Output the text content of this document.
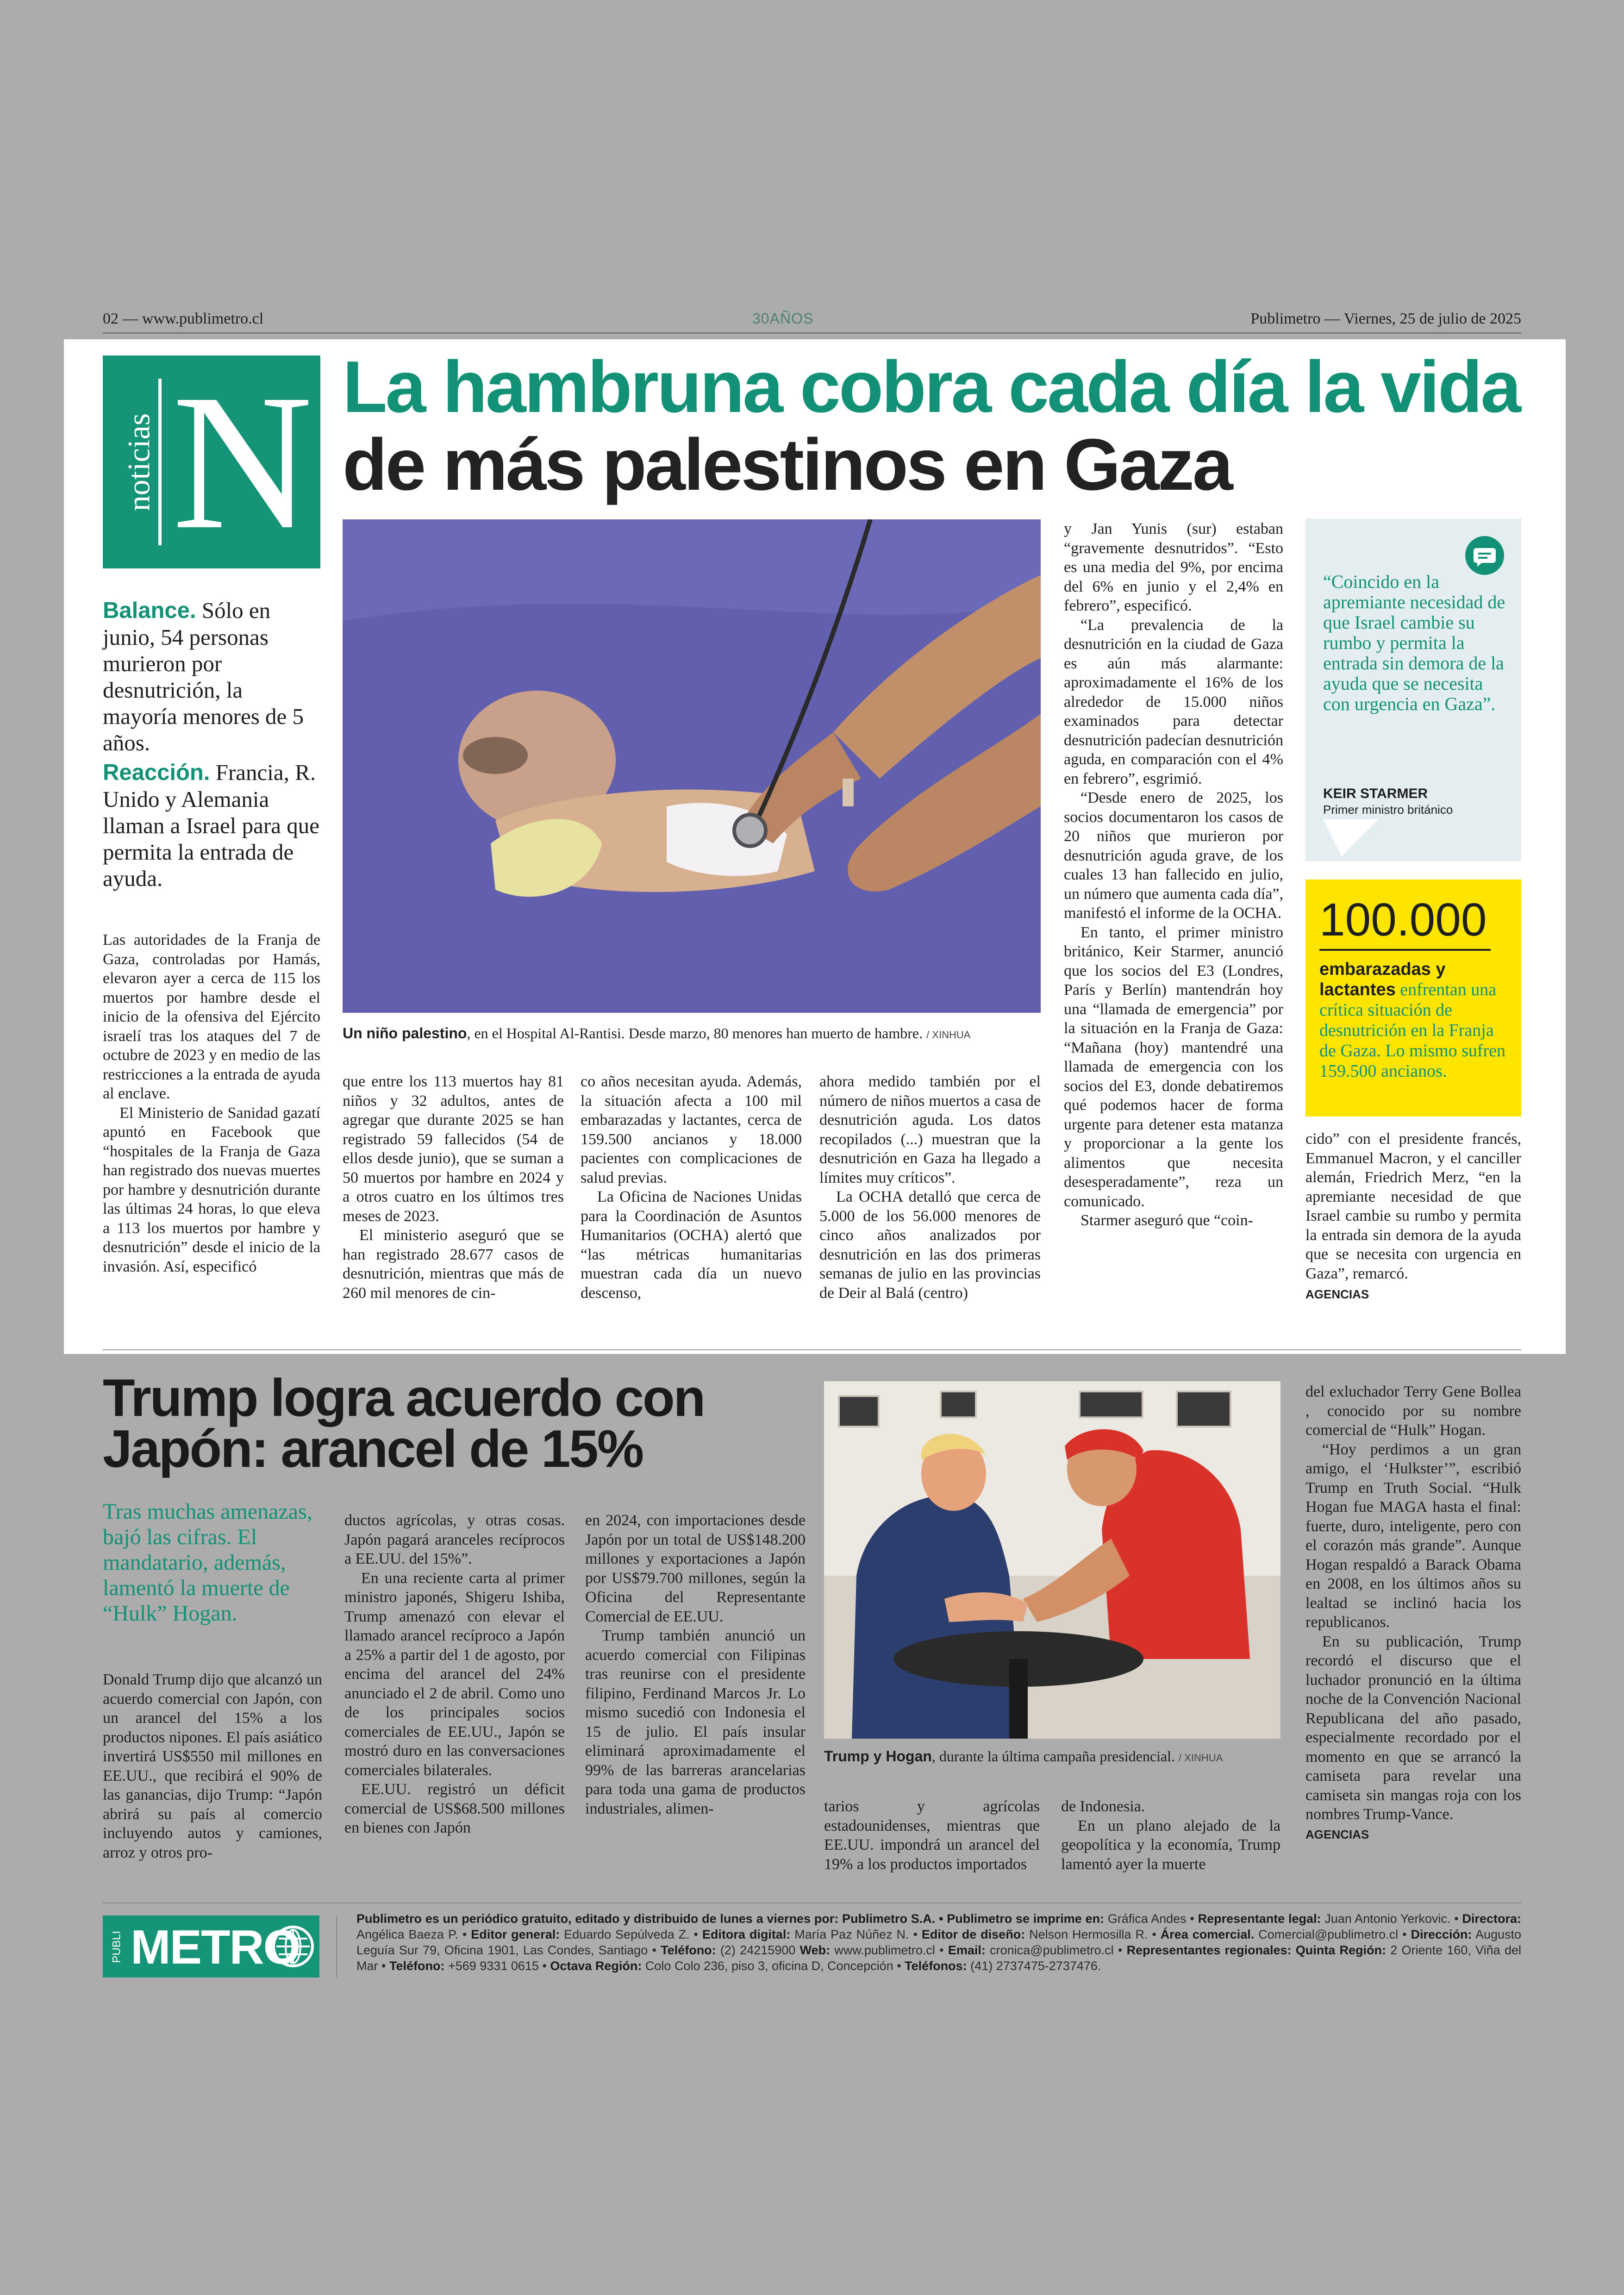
02 — www.publimetro.cl	30AÑOS	Publimetro — Viernes, 25 de julio de 2025
noticias N La hambruna cobra cada día la vida de más palestinos en Gaza
Balance. Sólo en junio, 54 personas murieron por desnutrición, la mayoría menores de 5 años.
Reacción. Francia, R. Unido y Alemania llaman a Israel para que permita la entrada de ayuda.
Un niño palestino, en el Hospital Al-Rantisi. Desde marzo, 80 menores han muerto de hambre. / XINHUA

Las autoridades de la Franja de Gaza, controladas por Hamás, elevaron ayer a cerca de 115 los muertos por hambre desde el inicio de la ofensiva del Ejército israelí tras los ataques del 7 de octubre de 2023 y en medio de las restricciones a la entrada de ayuda al enclave.

El Ministerio de Sanidad gazatí apuntó en Facebook que “hospitales de la Franja de Gaza han registrado dos nuevas muertes por hambre y desnutrición durante las últimas 24 horas, lo que eleva a 113 los muertos por hambre y desnutrición” desde el inicio de la invasión. Así, especificó

que entre los 113 muertos hay 81 niños y 32 adultos, antes de agregar que durante 2025 se han registrado 59 fallecidos (54 de ellos desde junio), que se suman a 50 muertos por hambre en 2024 y a otros cuatro en los últimos tres meses de 2023.

El ministerio aseguró que se han registrado 28.677 casos de desnutrición, mientras que más de 260 mil menores de cin-

co años necesitan ayuda. Además, la situación afecta a 100 mil embarazadas y lactantes, cerca de 159.500 ancianos y 18.000 pacientes con complicaciones de salud previas.

La Oficina de Naciones Unidas para la Coordinación de Asuntos Humanitarios (OCHA) alertó que “las métricas humanitarias muestran cada día un nuevo descenso,

ahora medido también por el número de niños muertos a casa de desnutrición aguda. Los datos recopilados (...) muestran que la desnutrición en Gaza ha llegado a límites muy críticos”.

La OCHA detalló que cerca de 5.000 de los 56.000 menores de cinco años analizados por desnutrición en las dos primeras semanas de julio en las provincias de Deir al Balá (centro)

y Jan Yunis (sur) estaban “gravemente desnutridos”. “Esto es una media del 9%, por encima del 6% en junio y el 2,4% en febrero”, especificó.

“La prevalencia de la desnutrición en la ciudad de Gaza es aún más alarmante: aproximadamente el 16% de los alrededor de 15.000 niños examinados para detectar desnutrición padecían desnutrición aguda, en comparación con el 4% en febrero”, esgrimió.

“Desde enero de 2025, los socios documentaron los casos de 20 niños que murieron por desnutrición aguda grave, de los cuales 13 han fallecido en julio, un número que aumenta cada día”, manifestó el informe de la OCHA.

En tanto, el primer ministro británico, Keir Starmer, anunció que los socios del E3 (Londres, París y Berlín) mantendrán hoy una “llamada de emergencia” por la situación en la Franja de Gaza: “Mañana (hoy) mantendré una llamada de emergencia con los socios del E3, donde debatiremos qué podemos hacer de forma urgente para detener esta matanza y proporcionar a la gente los alimentos que necesita desesperadamente”, reza un comunicado.

Starmer aseguró que “coin-

cido” con el presidente francés, Emmanuel Macron, y el canciller alemán, Friedrich Merz, “en la apremiante necesidad de que Israel cambie su rumbo y permita la entrada sin demora de la ayuda que se necesita con urgencia en Gaza”, remarcó.

AGENCIAS
“Coincido en la apremiante necesidad de que Israel cambie su rumbo y permita la entrada sin demora de la ayuda que se necesita con urgencia en Gaza”.
KEIR STARMER
Primer ministro británico
100.000
embarazadas y lactantes enfrentan una crítica situación de desnutrición en la Franja de Gaza. Lo mismo sufren 159.500 ancianos.
Trump logra acuerdo con Japón: arancel de 15%
Tras muchas amenazas, bajó las cifras. El mandatario, además, lamentó la muerte de “Hulk” Hogan.

Donald Trump dijo que alcanzó un acuerdo comercial con Japón, con un arancel del 15% a los productos nipones. El país asiático invertirá US$550 mil millones en EE.UU., que recibirá el 90% de las ganancias, dijo Trump: “Japón abrirá su país al comercio incluyendo autos y camiones, arroz y otros pro-

ductos agrícolas, y otras cosas. Japón pagará aranceles recíprocos a EE.UU. del 15%”.

En una reciente carta al primer ministro japonés, Shigeru Ishiba, Trump amenazó con elevar el llamado arancel recíproco a Japón a 25% a partir del 1 de agosto, por encima del arancel del 24% anunciado el 2 de abril. Como uno de los principales socios comerciales de EE.UU., Japón se mostró duro en las conversaciones comerciales bilaterales.

EE.UU. registró un déficit comercial de US$68.500 millones en bienes con Japón

en 2024, con importaciones desde Japón por un total de US$148.200 millones y exportaciones a Japón por US$79.700 millones, según la Oficina del Representante Comercial de EE.UU.

Trump también anunció un acuerdo comercial con Filipinas tras reunirse con el presidente filipino, Ferdinand Marcos Jr. Lo mismo sucedió con Indonesia el 15 de julio. El país insular eliminará aproximadamente el 99% de las barreras arancelarias para toda una gama de productos industriales, alimen-	tarios y agrícolas estadounidenses, mientras que EE.UU. impondrá un arancel del 19% a los productos importados

de Indonesia.

En un plano alejado de la geopolítica y la economía, Trump lamentó ayer la muerte

del exluchador Terry Gene Bollea , conocido por su nombre comercial de “Hulk” Hogan.

“Hoy perdimos a un gran amigo, el ‘Hulkster’”, escribió Trump en Truth Social. “Hulk Hogan fue MAGA hasta el final: fuerte, duro, inteligente, pero con el corazón más grande”. Aunque Hogan respaldó a Barack Obama en 2008, en los últimos años su lealtad se inclinó hacia los republicanos.

En su publicación, Trump recordó el discurso que el luchador pronunció en la última noche de la Convención Nacional Republicana del año pasado, especialmente recordado por el momento en que se arrancó la camiseta para revelar una camiseta sin mangas roja con los nombres Trump-Vance.

AGENCIAS
Trump y Hogan, durante la última campaña presidencial. / XINHUA
PUBLI METRO
Publimetro es un periódico gratuito, editado y distribuido de lunes a viernes por: Publimetro S.A. • Publimetro se imprime en: Gráfica Andes • Representante legal: Juan Antonio Yerkovic. • Directora: Angélica Baeza P. • Editor general: Eduardo Sepúlveda Z. • Editora digital: María Paz Núñez N. • Editor de diseño: Nelson Hermosilla R. • Área comercial. Comercial@publimetro.cl • Dirección: Augusto Leguía Sur 79, Oficina 1901, Las Condes, Santiago • Teléfono: (2) 24215900 Web: www.publimetro.cl • Email: cronica@publimetro.cl • Representantes regionales: Quinta Región: 2 Oriente 160, Viña del Mar • Teléfono: +569 9331 0615 • Octava Región: Colo Colo 236, piso 3, oficina D, Concepción • Teléfonos: (41) 2737475-2737476.
